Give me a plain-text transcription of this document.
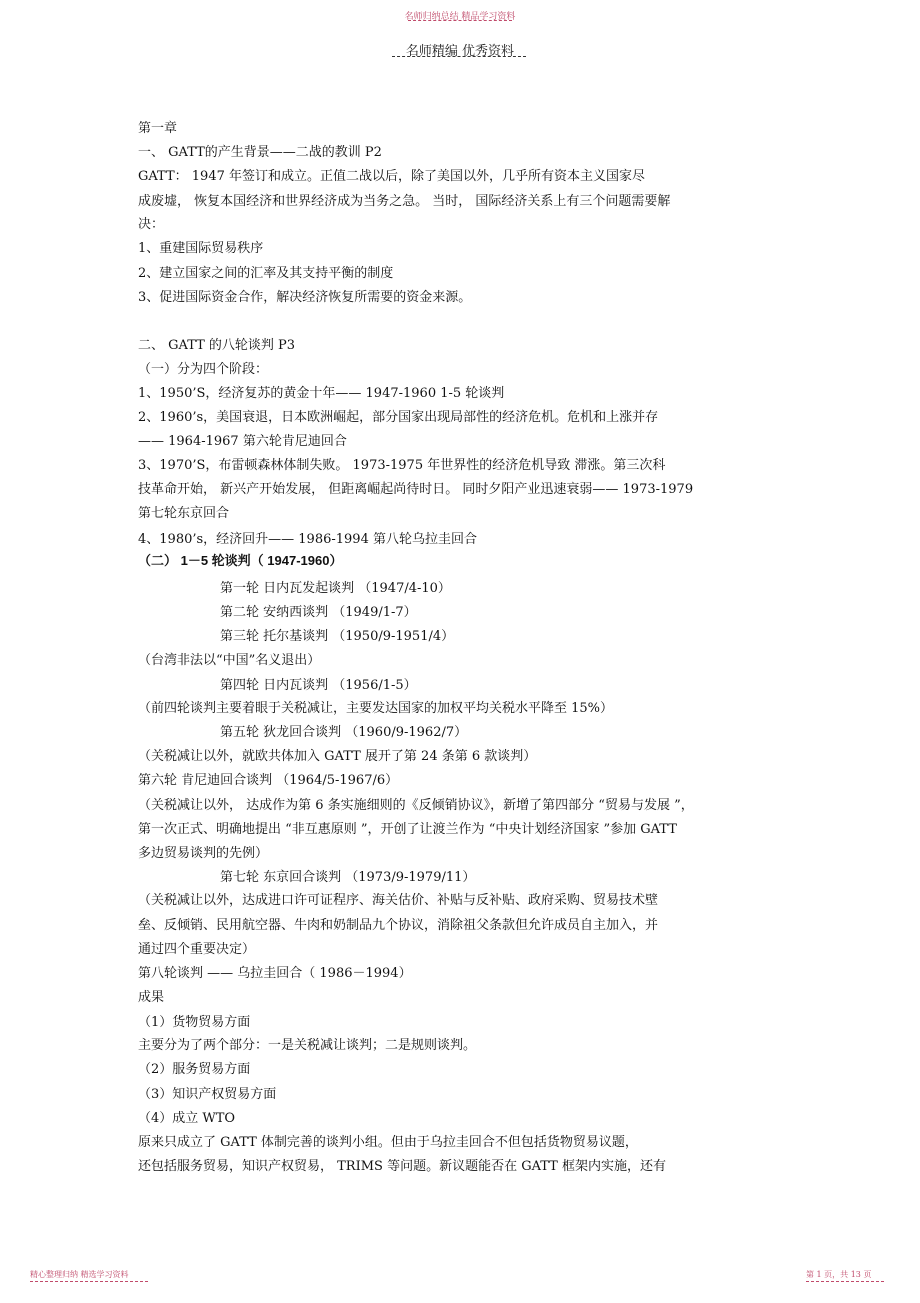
名师归纳总结 精品学习资料
名师精编 优秀资料
第一章
一、 GATT的产生背景——二战的教训 P2
GATT： 1947 年签订和成立。正值二战以后，除了美国以外，几乎所有资本主义国家尽
成废墟， 恢复本国经济和世界经济成为当务之急。 当时， 国际经济关系上有三个问题需要解
决：
1、重建国际贸易秩序
2、建立国家之间的汇率及其支持平衡的制度
3、促进国际资金合作，解决经济恢复所需要的资金来源。
二、 GATT 的八轮谈判 P3
（一）分为四个阶段：
1、1950’S，经济复苏的黄金十年—— 1947-1960 1-5 轮谈判
2、1960’s，美国衰退，日本欧洲崛起，部分国家出现局部性的经济危机。危机和上涨并存
—— 1964-1967 第六轮肯尼迪回合
3、1970’S，布雷顿森林体制失败。 1973-1975 年世界性的经济危机导致 滞涨。第三次科
技革命开始， 新兴产开始发展， 但距离崛起尚待时日。 同时夕阳产业迅速衰弱—— 1973-1979
第七轮东京回合
4、1980’s，经济回升—— 1986-1994 第八轮乌拉圭回合
（二） 1－5 轮谈判（ 1947-1960）
第一轮 日内瓦发起谈判 （1947/4-10）
第二轮 安纳西谈判 （1949/1-7）
第三轮 托尔基谈判 （1950/9-1951/4）
（台湾非法以“中国”名义退出）
第四轮 日内瓦谈判 （1956/1-5）
（前四轮谈判主要着眼于关税减让，主要发达国家的加权平均关税水平降至 15%）
第五轮 狄龙回合谈判 （1960/9-1962/7）
（关税减让以外，就欧共体加入 GATT 展开了第 24 条第 6 款谈判）
第六轮 肯尼迪回合谈判 （1964/5-1967/6）
（关税减让以外， 达成作为第 6 条实施细则的《反倾销协议》，新增了第四部分 “贸易与发展 ”，
第一次正式、明确地提出 “非互惠原则 ”，开创了让渡兰作为 “中央计划经济国家 ”参加 GATT
多边贸易谈判的先例）
第七轮 东京回合谈判 （1973/9-1979/11）
（关税减让以外，达成进口许可证程序、海关估价、补贴与反补贴、政府采购、贸易技术壁
垒、反倾销、民用航空器、牛肉和奶制品九个协议，消除祖父条款但允许成员自主加入，并
通过四个重要决定）
第八轮谈判 —— 乌拉圭回合（ 1986－1994）
成果
（1）货物贸易方面
主要分为了两个部分：一是关税减让谈判；二是规则谈判。
（2）服务贸易方面
（3）知识产权贸易方面
（4）成立 WTO
原来只成立了 GATT 体制完善的谈判小组。但由于乌拉圭回合不但包括货物贸易议题，
还包括服务贸易，知识产权贸易， TRIMS 等问题。新议题能否在 GATT 框架内实施，还有
精心整理归纳 精选学习资料	第 1 页，共 13 页
